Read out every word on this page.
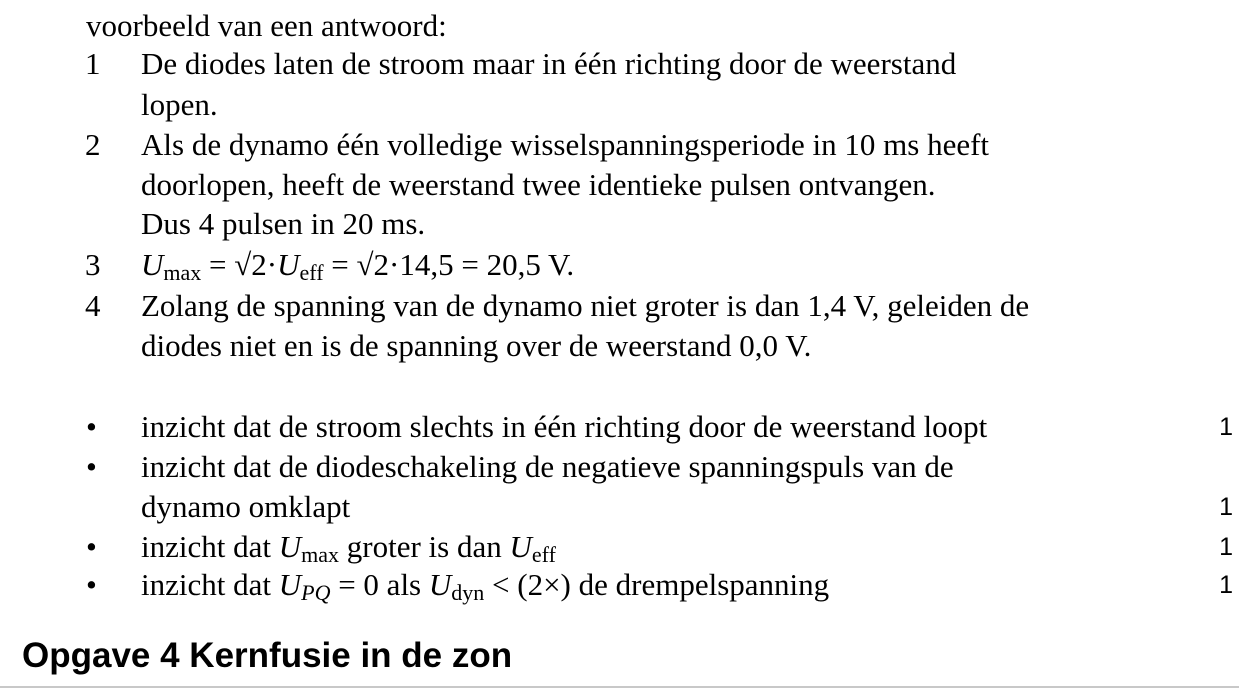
voorbeeld van een antwoord:
1 De diodes laten de stroom maar in één richting door de weerstand
lopen.
2 Als de dynamo één volledige wisselspanningsperiode in 10 ms heeft
doorlopen, heeft de weerstand twee identieke pulsen ontvangen.
Dus 4 pulsen in 20 ms.
3 $U_{max} = √2\cdot U_{eff} = √2\cdot 14,5 = 20,5$ V.
4 Zolang de spanning van de dynamo niet groter is dan 1,4 V, geleiden de
diodes niet en is de spanning over de weerstand 0,0 V.
• inzicht dat de stroom slechts in één richting door de weerstand loopt	1
• inzicht dat de diodeschakeling de negatieve spanningspuls van de
dynamo omklapt	1
• inzicht dat $U_{max}$ groter is dan $U_{eff}$	1
• inzicht dat $U_{PQ} = 0$ als $U_{dyn} < (2\times)$ de drempelspanning	1
Opgave 4 Kernfusie in de zon
